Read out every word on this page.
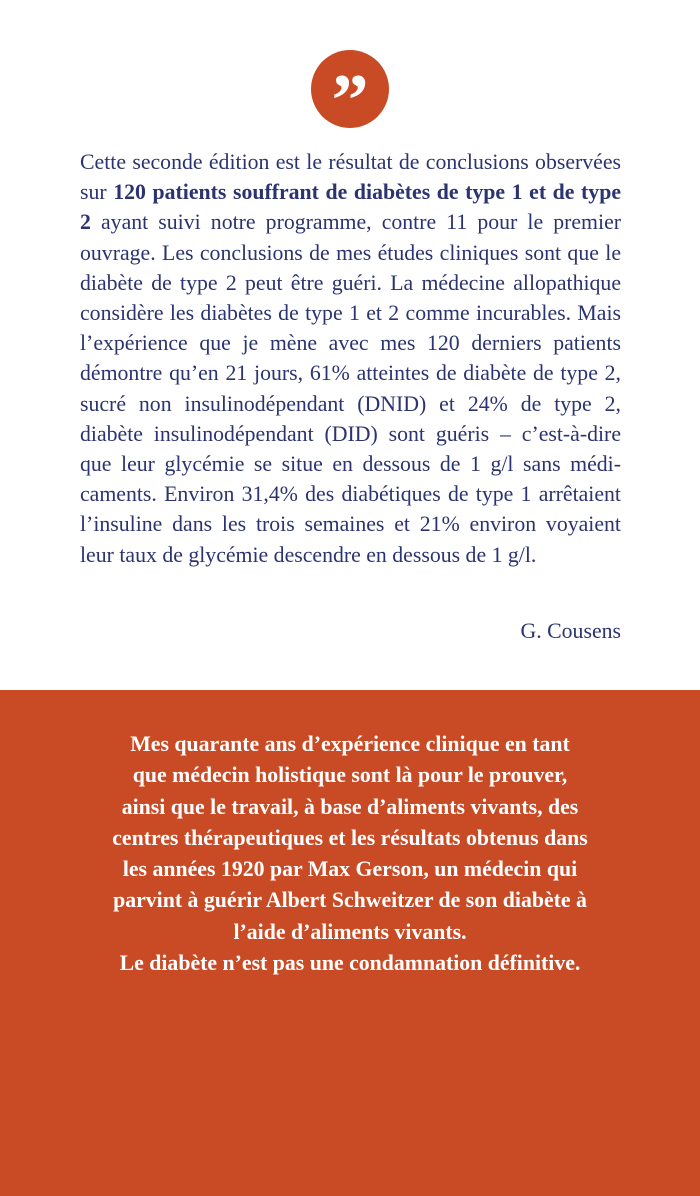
”

Cette seconde édition est le résultat de conclusions observées sur 120 patients souffrant de diabètes de type 1 et de type 2 ayant suivi notre programme, contre 11 pour le premier ouvrage. Les conclusions de mes études cliniques sont que le diabète de type 2 peut être guéri. La médecine allopathique considère les diabètes de type 1 et 2 comme incurables. Mais l’expérience que je mène avec mes 120 derniers patients démontre qu’en 21 jours, 61% atteintes de diabète de type 2, sucré non insulinodépendant (DNID) et 24% de type 2, diabète insulinodépendant (DID) sont guéris – c’est-à-dire que leur glycémie se situe en dessous de 1 g/l sans médicaments. Environ 31,4% des diabétiques de type 1 arrêtaient l’insuline dans les trois semaines et 21% environ voyaient leur taux de glycémie descendre en dessous de 1 g/l.

G. Cousens

Mes quarante ans d’expérience clinique en tant
que médecin holistique sont là pour le prouver,
ainsi que le travail, à base d’aliments vivants, des
centres thérapeutiques et les résultats obtenus dans
les années 1920 par Max Gerson, un médecin qui
parvint à guérir Albert Schweitzer de son diabète à
l’aide d’aliments vivants.
Le diabète n’est pas une condamnation définitive.
